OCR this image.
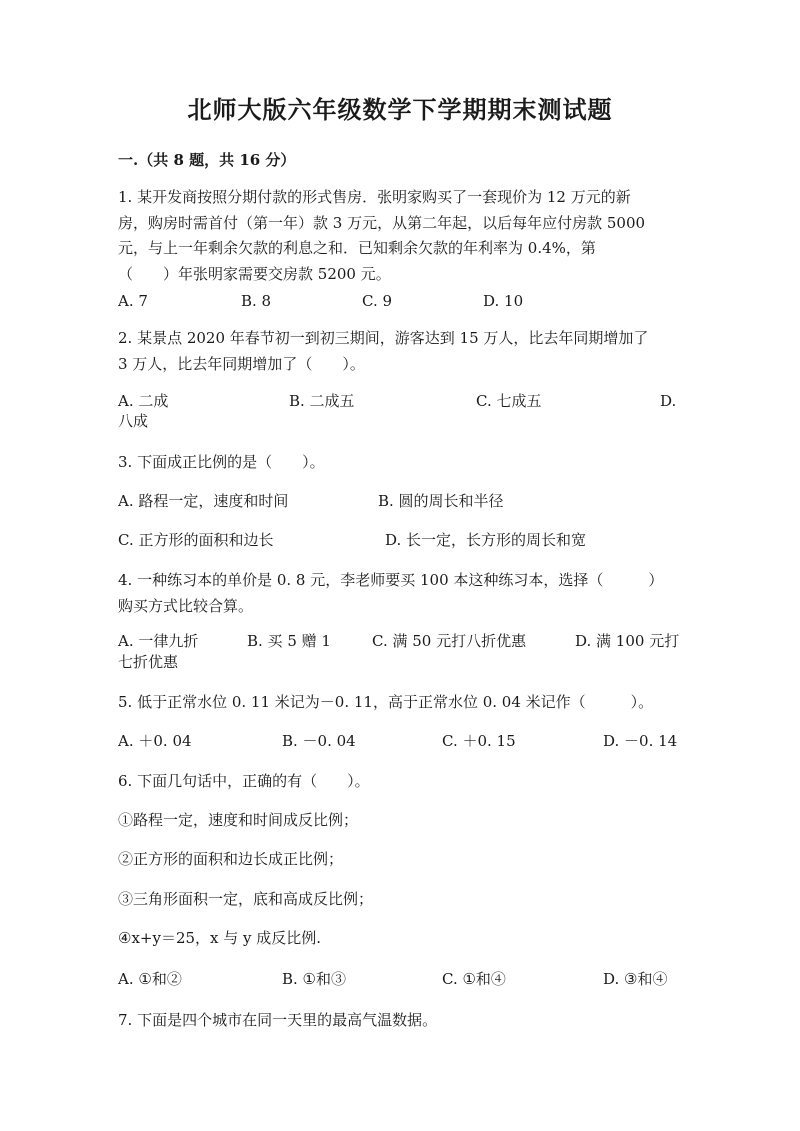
北师大版六年级数学下学期期末测试题
一.（共 8 题，共 16 分）
1. 某开发商按照分期付款的形式售房．张明家购买了一套现价为 12 万元的新
房，购房时需首付（第一年）款 3 万元，从第二年起，以后每年应付房款 5000
元，与上一年剩余欠款的利息之和．已知剩余欠款的年利率为 0.4%，第
（　　）年张明家需要交房款 5200 元。
A. 7	B. 8	C. 9	D. 10
2. 某景点 2020 年春节初一到初三期间，游客达到 15 万人，比去年同期增加了
3 万人，比去年同期增加了（　　）。
A. 二成	B. 二成五	C. 七成五	D.
八成
3. 下面成正比例的是（　　）。
A. 路程一定，速度和时间	B. 圆的周长和半径
C. 正方形的面积和边长	D. 长一定，长方形的周长和宽
4. 一种练习本的单价是 0. 8 元，李老师要买 100 本这种练习本，选择（　　　）
购买方式比较合算。
A. 一律九折	B. 买 5 赠 1	C. 满 50 元打八折优惠	D. 满 100 元打
七折优惠
5. 低于正常水位 0. 11 米记为－0. 11，高于正常水位 0. 04 米记作（　　　）。
A. ＋0. 04	B. －0. 04	C. ＋0. 15	D. －0. 14
6. 下面几句话中，正确的有（　　）。
①路程一定，速度和时间成反比例；
②正方形的面积和边长成正比例；
③三角形面积一定，底和高成反比例；
④x+y＝25，x 与 y 成反比例.
A. ①和②	B. ①和③	C. ①和④	D. ③和④
7. 下面是四个城市在同一天里的最高气温数据。
